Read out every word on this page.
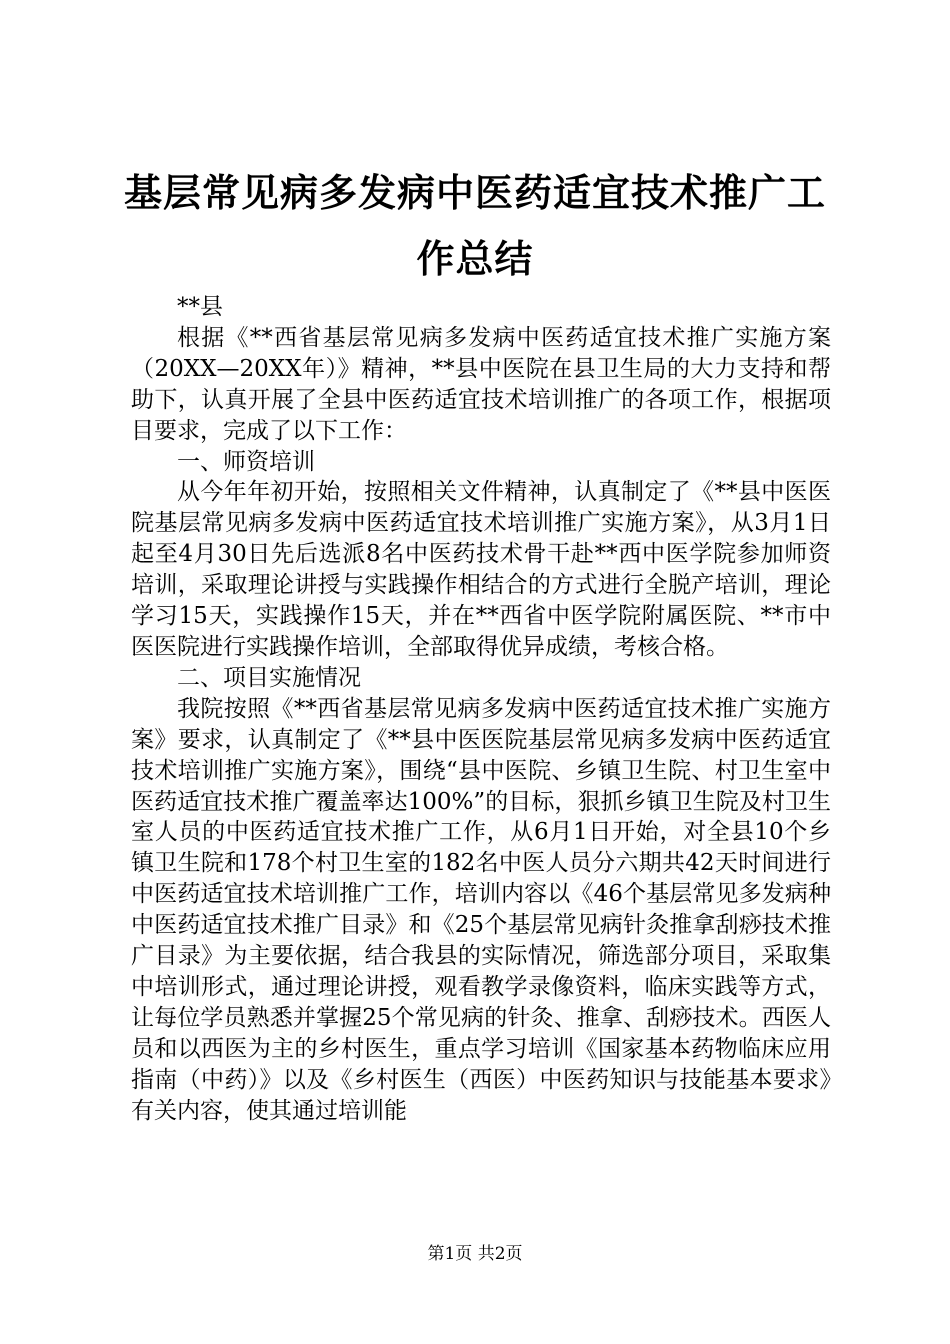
基层常见病多发病中医药适宜技术推广工作总结

**县

根据《**西省基层常见病多发病中医药适宜技术推广实施方案（20XX—20XX年）》精神，**县中医院在县卫生局的大力支持和帮助下，认真开展了全县中医药适宜技术培训推广的各项工作，根据项目要求，完成了以下工作：

一、师资培训

从今年年初开始，按照相关文件精神，认真制定了《**县中医医院基层常见病多发病中医药适宜技术培训推广实施方案》，从3月1日起至4月30日先后选派8名中医药技术骨干赴**西中医学院参加师资培训，采取理论讲授与实践操作相结合的方式进行全脱产培训，理论学习15天，实践操作15天，并在**西省中医学院附属医院、**市中医医院进行实践操作培训，全部取得优异成绩，考核合格。

二、项目实施情况

我院按照《**西省基层常见病多发病中医药适宜技术推广实施方案》要求，认真制定了《**县中医医院基层常见病多发病中医药适宜技术培训推广实施方案》，围绕“县中医院、乡镇卫生院、村卫生室中医药适宜技术推广覆盖率达100%”的目标，狠抓乡镇卫生院及村卫生室人员的中医药适宜技术推广工作，从6月1日开始，对全县10个乡镇卫生院和178个村卫生室的182名中医人员分六期共42天时间进行中医药适宜技术培训推广工作，培训内容以《46个基层常见多发病种中医药适宜技术推广目录》和《25个基层常见病针灸推拿刮痧技术推广目录》为主要依据，结合我县的实际情况，筛选部分项目，采取集中培训形式，通过理论讲授，观看教学录像资料，临床实践等方式，让每位学员熟悉并掌握25个常见病的针灸、推拿、刮痧技术。西医人员和以西医为主的乡村医生，重点学习培训《国家基本药物临床应用指南（中药）》以及《乡村医生（西医）中医药知识与技能基本要求》有关内容，使其通过培训能

第1页 共2页
